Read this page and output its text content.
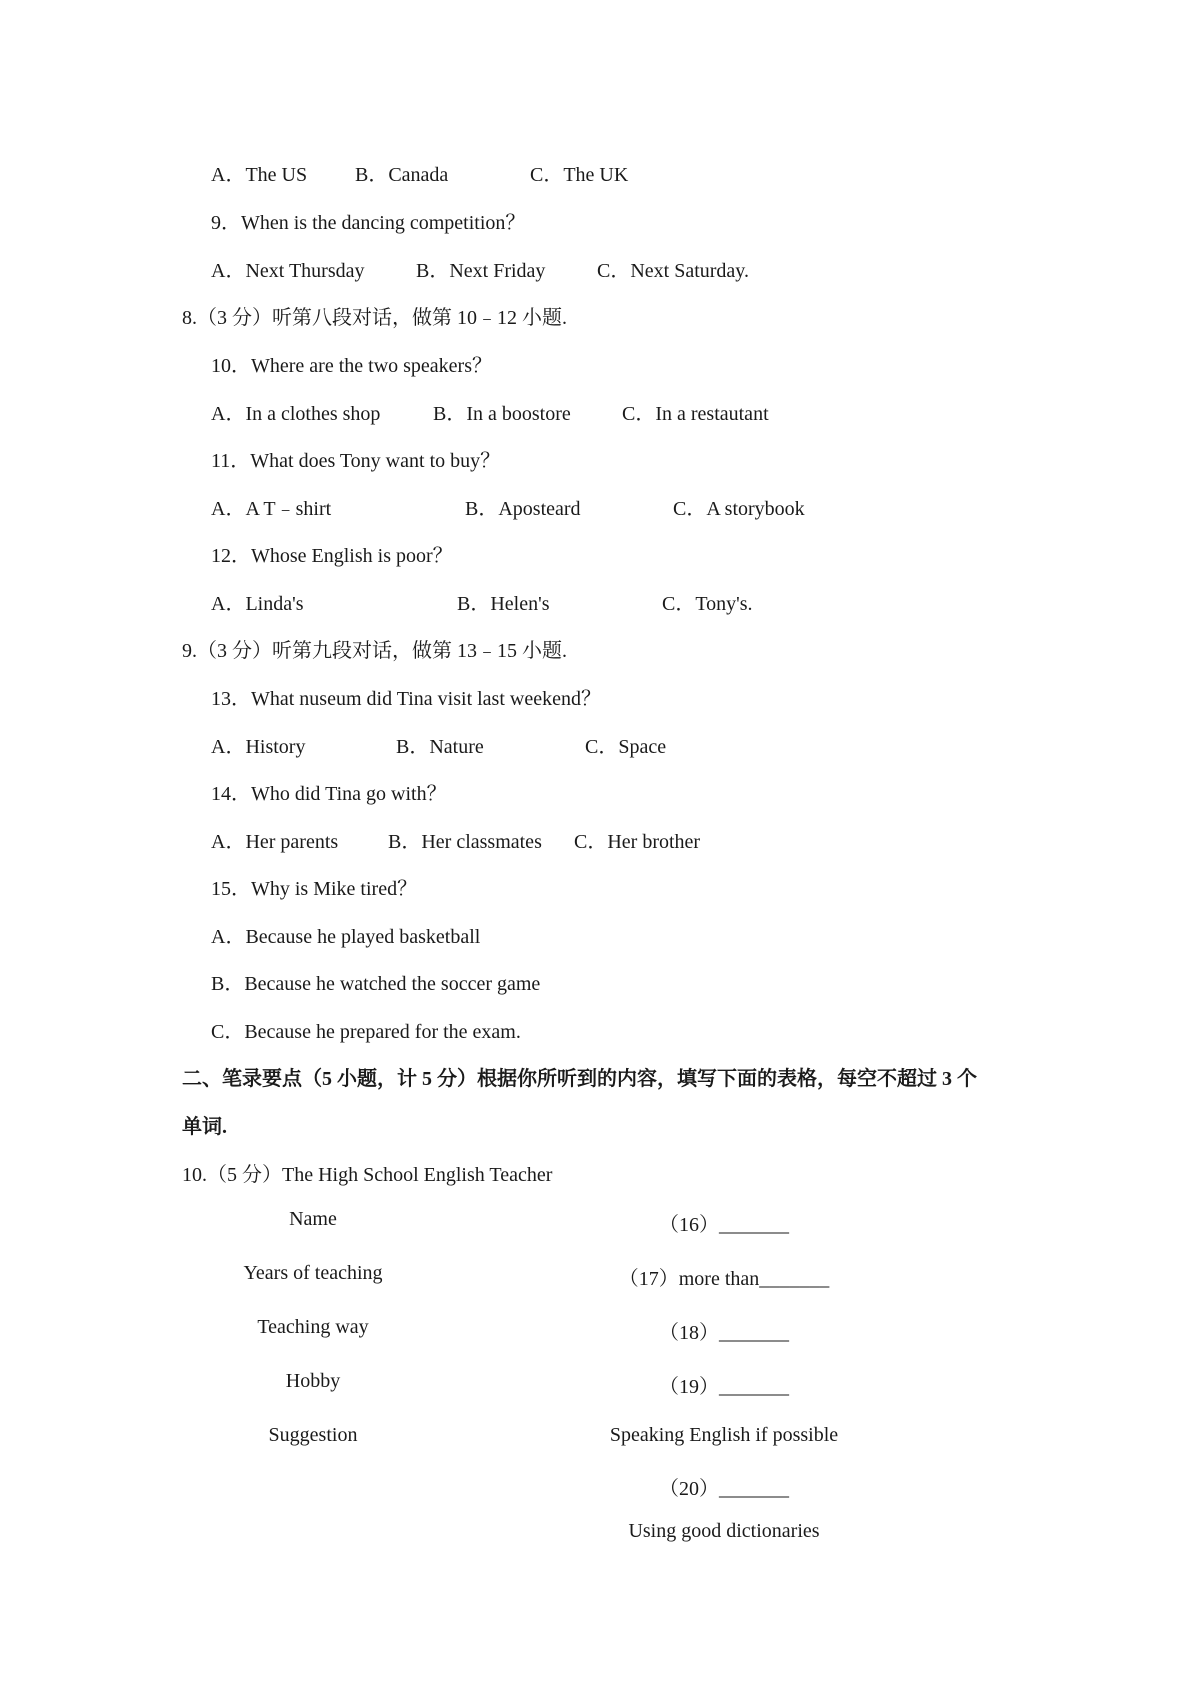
A．The US B．Canada	C．The UK
9．When is the dancing competition？
A．Next Thursday	B．Next Friday	C．Next Saturday.
8.（3 分）听第八段对话，做第 10﹣12 小题.
10．Where are the two speakers？
A．In a clothes shop	B．In a boostore	C．In a restautant
11．What does Tony want to buy？
A．A T﹣shirt	B．Aposteard	C．A storybook
12．Whose English is poor？
A．Linda's	B．Helen's	C．Tony's.
9.（3 分）听第九段对话，做第 13﹣15 小题.
13．What nuseum did Tina visit last weekend？
A．History	B．Nature	C．Space
14．Who did Tina go with？
A．Her parents B．Her classmates C．Her brother
15．Why is Mike tired？
A．Because he played basketball
B．Because he watched the soccer game
C．Because he prepared for the exam.
二、笔录要点（5 小题，计 5 分）根据你所听到的内容，填写下面的表格，每空不超过 3 个
单词.
10.（5 分）The High School English Teacher
Name	（16）_______
Years of teaching	（17）more than_______
Teaching way	（18）_______
Hobby	（19）_______
Suggestion	Speaking English if possible
（20）_______
Using good dictionaries
